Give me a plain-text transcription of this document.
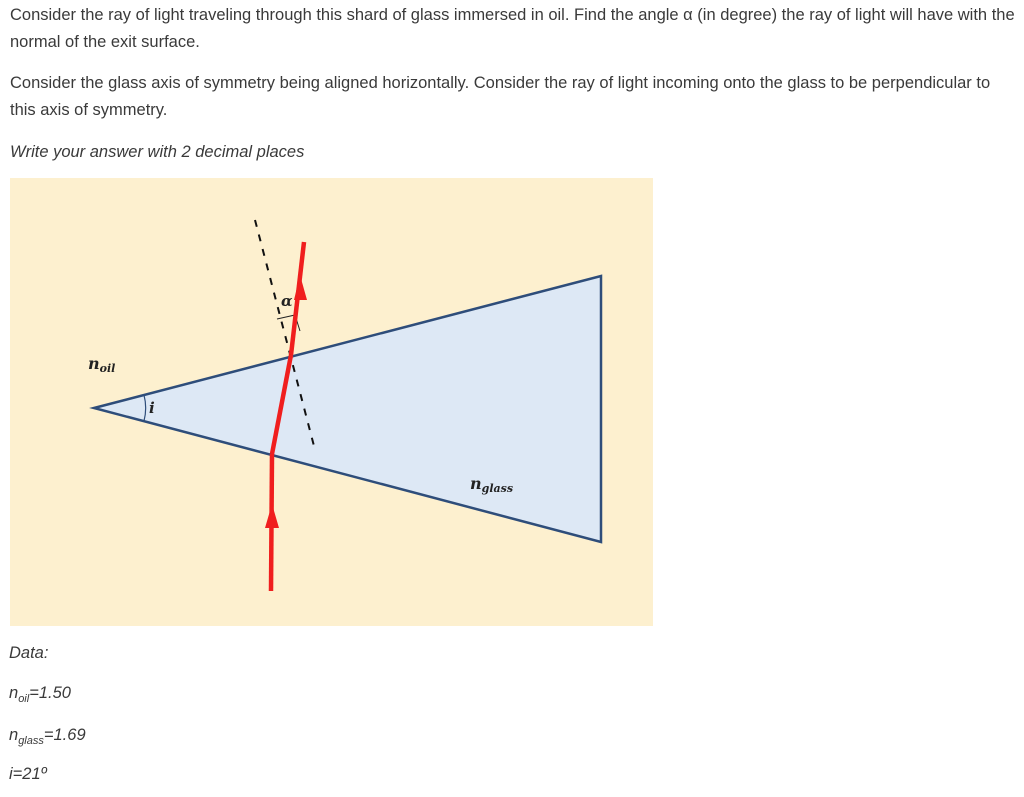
Consider the ray of light traveling through this shard of glass immersed in oil. Find the angle α (in degree) the ray of light will have with the normal of the exit surface.

Consider the glass axis of symmetry being aligned horizontally. Consider the ray of light incoming onto the glass to be perpendicular to this axis of symmetry.

Write your answer with 2 decimal places

noil
nglass
i
α

Data:

$n_{oil}=1.50$

$n_{glass}=1.69$

i=21º
